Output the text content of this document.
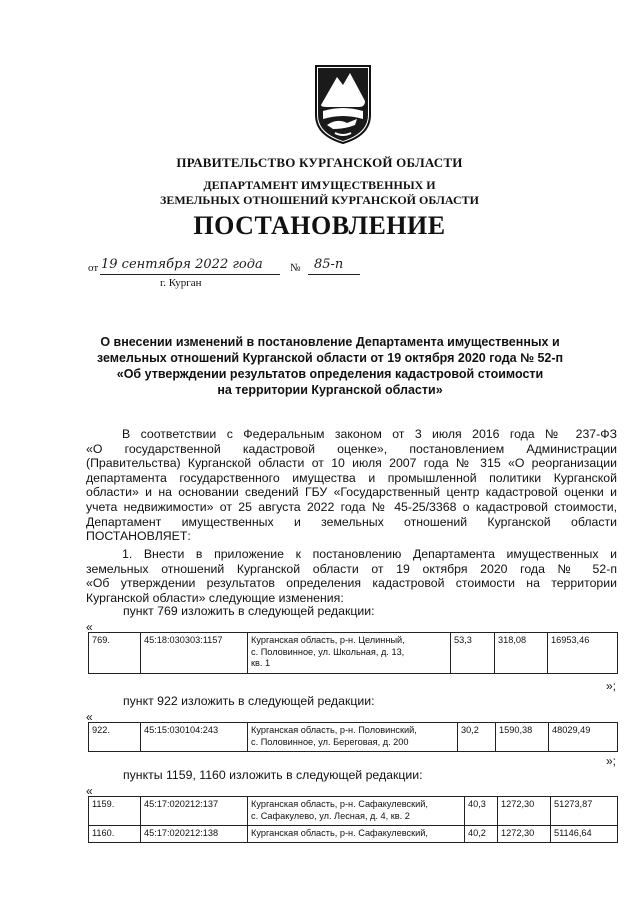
ПРАВИТЕЛЬСТВО КУРГАНСКОЙ ОБЛАСТИ
ДЕПАРТАМЕНТ ИМУЩЕСТВЕННЫХ И
ЗЕМЕЛЬНЫХ ОТНОШЕНИЙ КУРГАНСКОЙ ОБЛАСТИ
ПОСТАНОВЛЕНИЕ
от 19 сентября 2022 года № 85-п
г. Курган
О внесении изменений в постановление Департамента имущественных и
земельных отношений Курганской области от 19 октября 2020 года № 52-п
«Об утверждении результатов определения кадастровой стоимости
на территории Курганской области»
В соответствии с Федеральным законом от 3 июля 2016 года № 237-ФЗ
«О государственной кадастровой оценке», постановлением Администрации
(Правительства) Курганской области от 10 июля 2007 года № 315 «О реорганизации
департамента государственного имущества и промышленной политики Курганской
области» и на основании сведений ГБУ «Государственный центр кадастровой оценки и
учета недвижимости» от 25 августа 2022 года № 45-25/3368 о кадастровой стоимости,
Департамент имущественных и земельных отношений Курганской области
ПОСТАНОВЛЯЕТ:
1. Внести в приложение к постановлению Департамента имущественных и
земельных отношений Курганской области от 19 октября 2020 года № 52-п
«Об утверждении результатов определения кадастровой стоимости на территории
Курганской области» следующие изменения:
пункт 769 изложить в следующей редакции:
«
769.	45:18:030303:1157	Курганская область, р-н. Целинный,
с. Половинное, ул. Школьная, д. 13,
кв. 1
	53,3	318,08	16953,46
»;
пункт 922 изложить в следующей редакции:
«
922.	45:15:030104:243	Курганская область, р-н. Половинский,
с. Половинное, ул. Береговая, д. 200
	30,2	1590,38	48029,49
»;
пункты 1159, 1160 изложить в следующей редакции:
«
1159.	45:17:020212:137	Курганская область, р-н. Сафакулевский,
с. Сафакулево, ул. Лесная, д. 4, кв. 2	40,3	1272,30	51273,87
1160.	45:17:020212:138	Курганская область, р-н. Сафакулевский,	40,2	1272,30	51146,64
